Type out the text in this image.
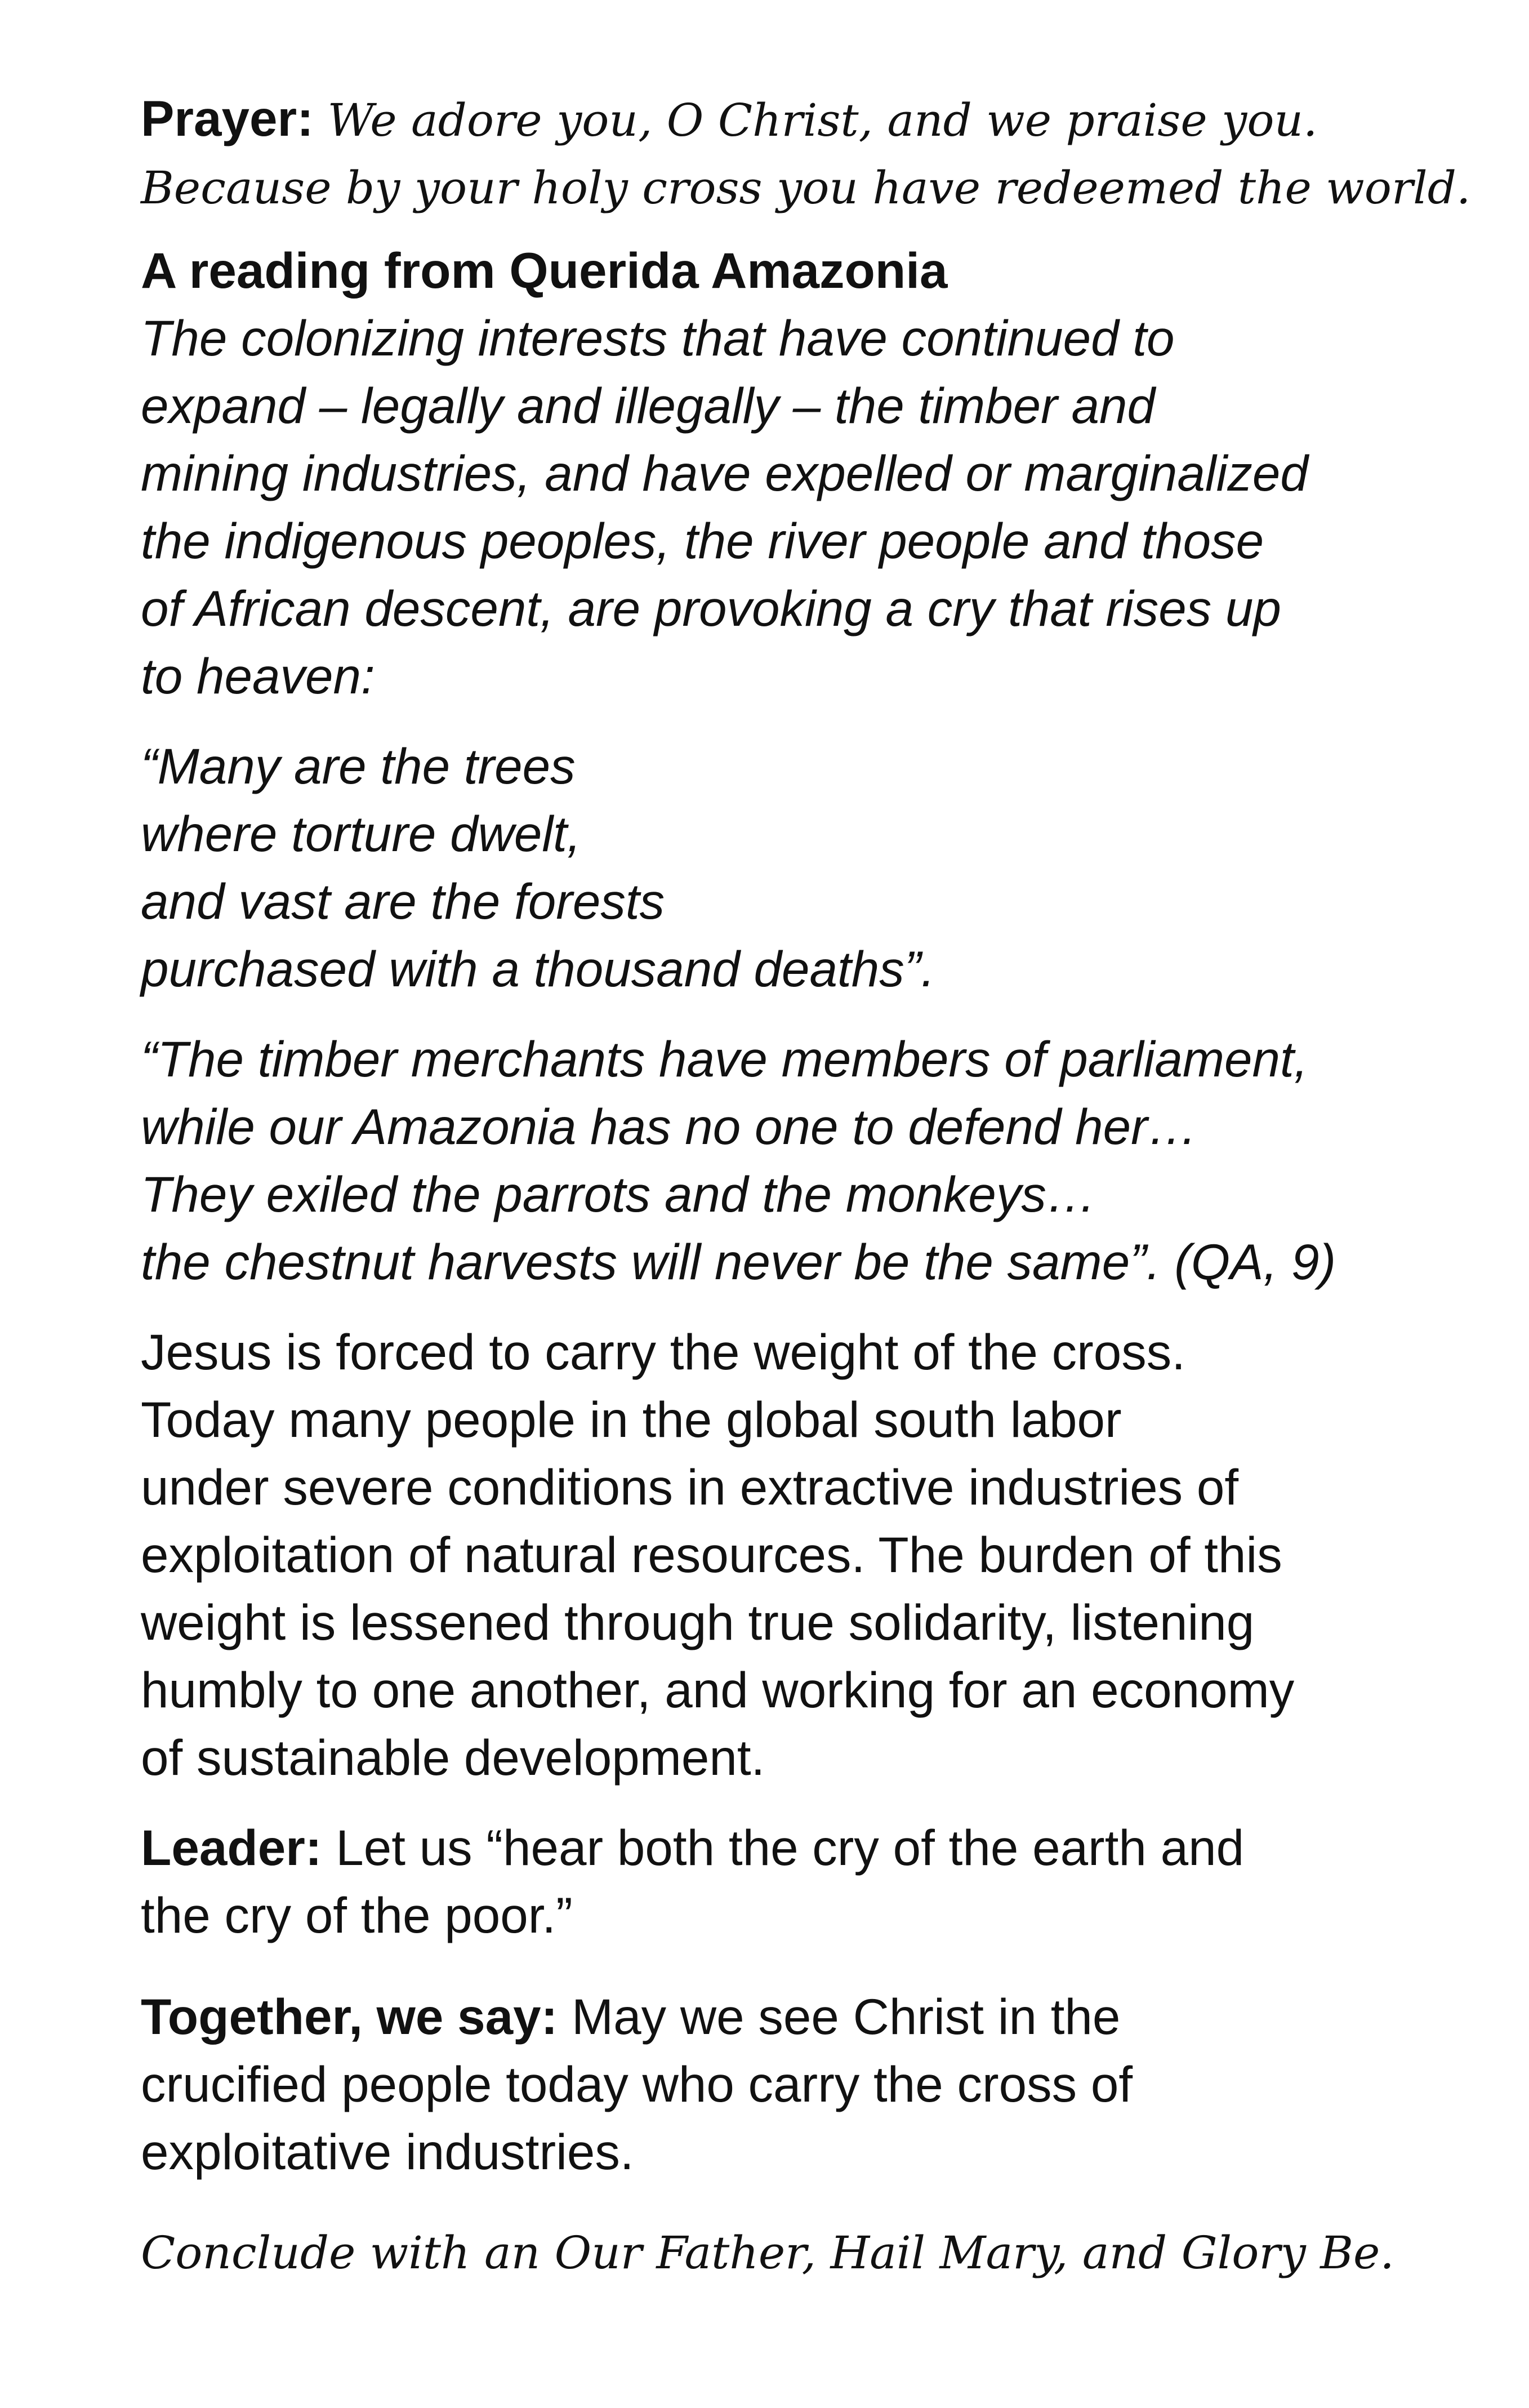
Prayer: We adore you, O Christ, and we praise you.
Because by your holy cross you have redeemed the world.
A reading from Querida Amazonia
The colonizing interests that have continued to
expand – legally and illegally – the timber and
mining industries, and have expelled or marginalized
the indigenous peoples, the river people and those
of African descent, are provoking a cry that rises up
to heaven:
“Many are the trees
where torture dwelt,
and vast are the forests
purchased with a thousand deaths”.
“The timber merchants have members of parliament,
while our Amazonia has no one to defend her…
They exiled the parrots and the monkeys…
the chestnut harvests will never be the same”. (QA, 9)
Jesus is forced to carry the weight of the cross.
Today many people in the global south labor
under severe conditions in extractive industries of
exploitation of natural resources. The burden of this
weight is lessened through true solidarity, listening
humbly to one another, and working for an economy
of sustainable development.
Leader: Let us “hear both the cry of the earth and
the cry of the poor.”
Together, we say: May we see Christ in the
crucified people today who carry the cross of
exploitative industries.
Conclude with an Our Father, Hail Mary, and Glory Be.
